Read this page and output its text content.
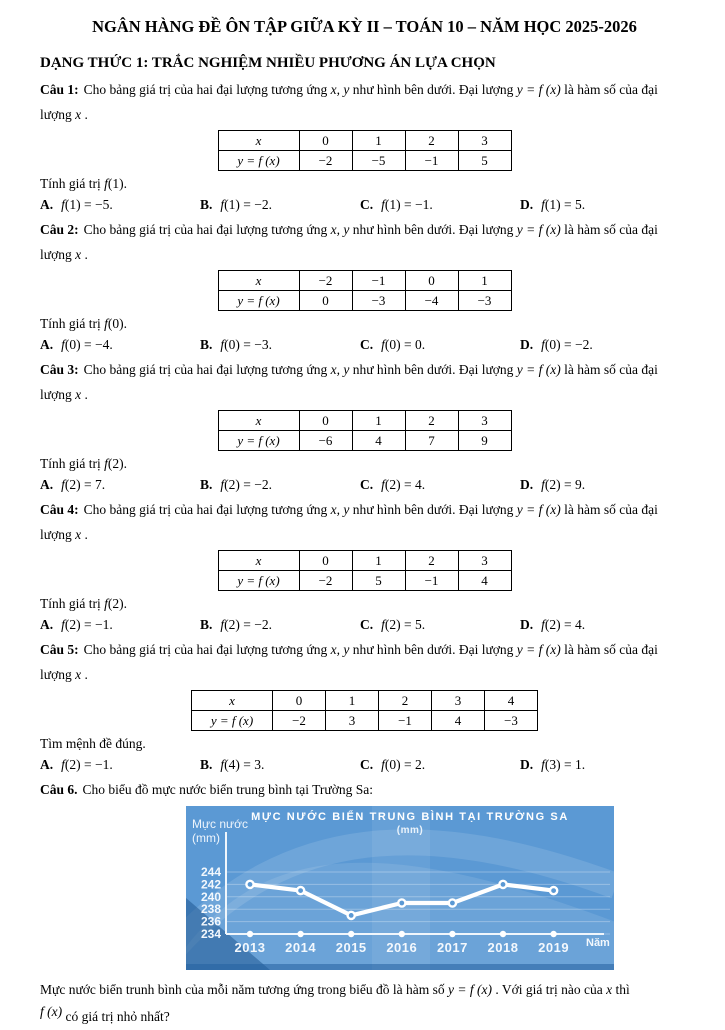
NGÂN HÀNG ĐỀ ÔN TẬP GIỮA KỲ II – TOÁN 10 – NĂM HỌC 2025-2026
DẠNG THỨC 1: TRẮC NGHIỆM NHIỀU PHƯƠNG ÁN LỰA CHỌN

Câu 1: Cho bảng giá trị của hai đại lượng tương ứng x, y như hình bên dưới. Đại lượng y = f (x) là hàm số của đại lượng x .

x	0	1	2	3
y = f (x)	−2	−5	−1	5

Tính giá trị f(1).

A. f(1) = −5.	B. f(1) = −2.	C. f(1) = −1.	D. f(1) = 5.

Câu 2: Cho bảng giá trị của hai đại lượng tương ứng x, y như hình bên dưới. Đại lượng y = f (x) là hàm số của đại lượng x .

x	−2	−1	0	1
y = f (x)	0	−3	−4	−3

Tính giá trị f(0).

A. f(0) = −4.	B. f(0) = −3.	C. f(0) = 0.	D. f(0) = −2.

Câu 3: Cho bảng giá trị của hai đại lượng tương ứng x, y như hình bên dưới. Đại lượng y = f (x) là hàm số của đại lượng x .

x	0	1	2	3
y = f (x)	−6	4	7	9

Tính giá trị f(2).

A. f(2) = 7.	B. f(2) = −2.	C. f(2) = 4.	D. f(2) = 9.

Câu 4: Cho bảng giá trị của hai đại lượng tương ứng x, y như hình bên dưới. Đại lượng y = f (x) là hàm số của đại lượng x .

x	0	1	2	3
y = f (x)	−2	5	−1	4

Tính giá trị f(2).

A. f(2) = −1.	B. f(2) = −2.	C. f(2) = 5.	D. f(2) = 4.

Câu 5: Cho bảng giá trị của hai đại lượng tương ứng x, y như hình bên dưới. Đại lượng y = f (x) là hàm số của đại lượng x .

x	0	1	2	3	4
y = f (x)	−2	3	−1	4	−3

Tìm mệnh đề đúng.

A. f(2) = −1.	B. f(4) = 3.	C. f(0) = 2.	D. f(3) = 1.

Câu 6. Cho biểu đồ mực nước biển trung bình tại Trường Sa:

MỰC NƯỚC BIỂN TRUNG BÌNH TẠI TRƯỜNG SA
(mm)
Mực nước
(mm)
244
242
240
238
236
234
2013 2014 2015 2016 2017 2018 2019 Năm

Mực nước biển trunh bình của mỗi năm tương ứng trong biểu đồ là hàm số y = f (x) . Với giá trị nào của x thì

f (x) có giá trị nhỏ nhất?
